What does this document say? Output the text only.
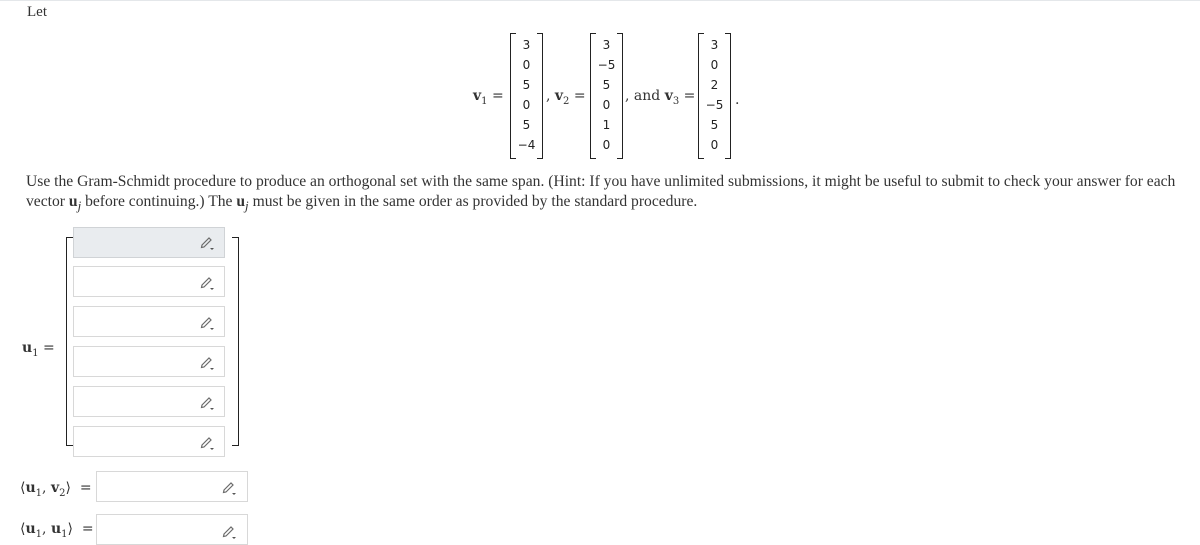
Let
$v_1$ =
3
0
5
0
5
−4
, $v_2$ =
3
−5
5
0
1
0
, and $v_3$ =
3
0
2
−5
5
0
.
Use the Gram-Schmidt procedure to produce an orthogonal set with the same span. (Hint: If you have unlimited submissions, it might be useful to submit to check your answer for each vector $u_j$ before continuing.) The $u_j$ must be given in the same order as provided by the standard procedure.
$u_1$ =
$⟨u_1$, $v_2⟩$ =
$⟨u_1$, $u_1⟩$ =
